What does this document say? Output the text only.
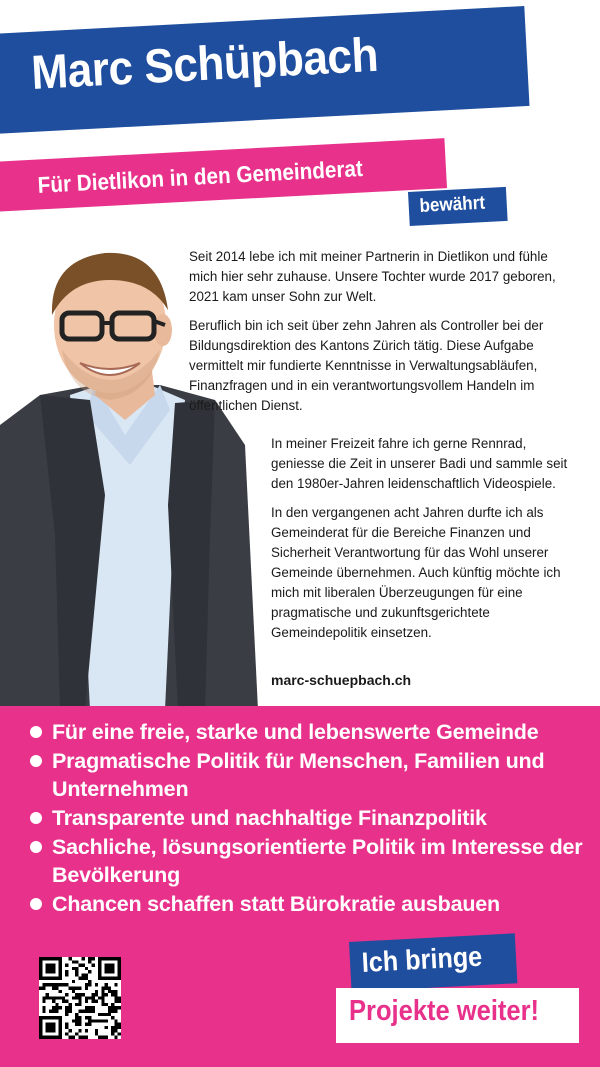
Marc Schüpbach
Für Dietlikon in den Gemeinderat
bewährt

Seit 2014 lebe ich mit meiner Partnerin in Dietlikon und fühle mich hier sehr zuhause. Unsere Tochter wurde 2017 geboren, 2021 kam unser Sohn zur Welt.

Beruflich bin ich seit über zehn Jahren als Controller bei der Bildungsdirektion des Kantons Zürich tätig. Diese Aufgabe vermittelt mir fundierte Kenntnisse in Verwaltungsabläufen, Finanzfragen und in ein verantwortungsvollem Handeln im öffentlichen Dienst.

In meiner Freizeit fahre ich gerne Rennrad, geniesse die Zeit in unserer Badi und sammle seit den 1980er-Jahren leidenschaftlich Videospiele.

In den vergangenen acht Jahren durfte ich als Gemeinderat für die Bereiche Finanzen und Sicherheit Verantwortung für das Wohl unserer Gemeinde übernehmen. Auch künftig möchte ich mich mit liberalen Überzeugungen für eine pragmatische und zukunftsgerichtete Gemeindepolitik einsetzen.

marc-schuepbach.ch
Für eine freie, starke und lebenswerte Gemeinde
Pragmatische Politik für Menschen, Familien und Unternehmen
Transparente und nachhaltige Finanzpolitik
Sachliche, lösungsorientierte Politik im Interesse der Bevölkerung
Chancen schaffen statt Bürokratie ausbauen
Ich bringe
Projekte weiter!
